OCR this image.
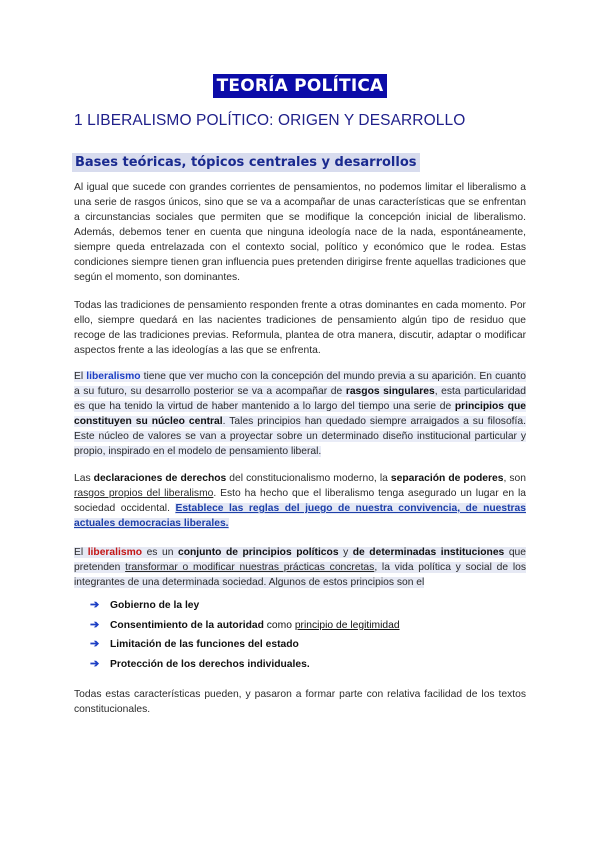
TEORÍA POLÍTICA
1 LIBERALISMO POLÍTICO: ORIGEN Y DESARROLLO
Bases teóricas, tópicos centrales y desarrollos
Al igual que sucede con grandes corrientes de pensamientos, no podemos limitar el liberalismo a una serie de rasgos únicos, sino que se va a acompañar de unas características que se enfrentan a circunstancias sociales que permiten que se modifique la concepción inicial de liberalismo. Además, debemos tener en cuenta que ninguna ideología nace de la nada, espontáneamente, siempre queda entrelazada con el contexto social, político y económico que le rodea. Estas condiciones siempre tienen gran influencia pues pretenden dirigirse frente aquellas tradiciones que según el momento, son dominantes.
Todas las tradiciones de pensamiento responden frente a otras dominantes en cada momento. Por ello, siempre quedará en las nacientes tradiciones de pensamiento algún tipo de residuo que recoge de las tradiciones previas. Reformula, plantea de otra manera, discutir, adaptar o modificar aspectos frente a las ideologías a las que se enfrenta.
El liberalismo tiene que ver mucho con la concepción del mundo previa a su aparición. En cuanto a su futuro, su desarrollo posterior se va a acompañar de rasgos singulares, esta particularidad es que ha tenido la virtud de haber mantenido a lo largo del tiempo una serie de principios que constituyen su núcleo central. Tales principios han quedado siempre arraigados a su filosofía. Este núcleo de valores se van a proyectar sobre un determinado diseño institucional particular y propio, inspirado en el modelo de pensamiento liberal.
Las declaraciones de derechos del constitucionalismo moderno, la separación de poderes, son rasgos propios del liberalismo. Esto ha hecho que el liberalismo tenga asegurado un lugar en la sociedad occidental. Establece las reglas del juego de nuestra convivencia, de nuestras actuales democracias liberales.
El liberalismo es un conjunto de principios políticos y de determinadas instituciones que pretenden transformar o modificar nuestras prácticas concretas, la vida política y social de los integrantes de una determinada sociedad. Algunos de estos principios son el
➔	Gobierno de la ley
➔	Consentimiento de la autoridad como principio de legitimidad
➔	Limitación de las funciones del estado
➔	Protección de los derechos individuales.
Todas estas características pueden, y pasaron a formar parte con relativa facilidad de los textos constitucionales.
